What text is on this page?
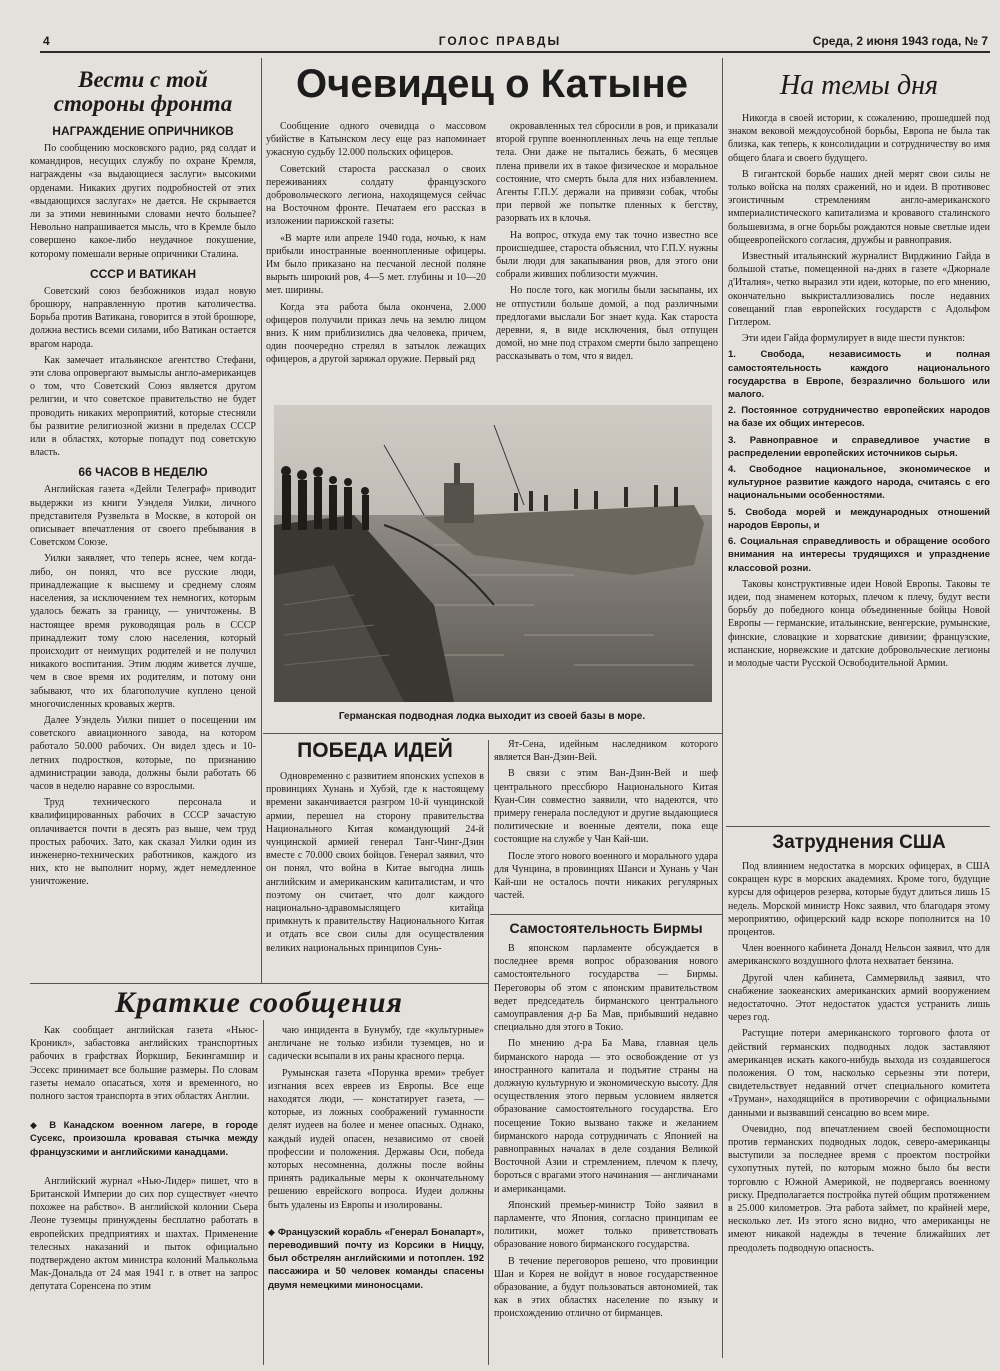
4	ГОЛОС ПРАВДЫ	Среда, 2 июня 1943 года, № 7
Вести с той стороны фронта
НАГРАЖДЕНИЕ ОПРИЧНИКОВ

По сообщению московского радио, ряд солдат и командиров, несущих службу по охране Кремля, награждены «за выдающиеся заслуги» высокими орденами. Никаких других подробностей от этих «выдающихся заслугах» не дается. Не скрывается ли за этими невинными словами нечто большее? Невольно напрашивается мысль, что в Кремле было совершено какое-либо неудачное покушение, которому помешали верные опричники Сталина.

СССР И ВАТИКАН

Советский союз безбожников издал новую брошюру, направленную против католичества. Борьба против Ватикана, говорится в этой брошюре, должна вестись всеми силами, ибо Ватикан остается врагом народа.

Как замечает итальянское агентство Стефани, эти слова опровергают вымыслы англо-американцев о том, что Советский Союз является другом религии, и что советское правительство не будет проводить никаких мероприятий, которые стесняли бы развитие религиозной жизни в пределах СССР или в областях, которые попадут под советскую власть.

66 ЧАСОВ В НЕДЕЛЮ

Английская газета «Дейли Телеграф» приводит выдержки из книги Уэнделя Уилки, личного представителя Рузвельта в Москве, в которой он описывает впечатления от своего пребывания в Советском Союзе.

Уилки заявляет, что теперь яснее, чем когда-либо, он понял, что все русские люди, принадлежащие к высшему и среднему слоям населения, за исключением тех немногих, которым удалось бежать за границу, — уничтожены. В настоящее время руководящая роль в СССР принадлежит тому слою населения, который происходит от неимущих родителей и не получил никакого воспитания. Этим людям живется лучше, чем в свое время их родителям, и потому они забывают, что их благополучие куплено ценой многочисленных кровавых жертв.

Далее Уэндель Уилки пишет о посещении им советского авиационного завода, на котором работало 50.000 рабочих. Он видел здесь и 10-летних подростков, которые, по признанию администрации завода, должны были работать 66 часов в неделю наравне со взрослыми.

Труд технического персонала и квалифицированных рабочих в СССР зачастую оплачивается почти в десять раз выше, чем труд простых рабочих. Зато, как сказал Уилки один из инженерно-технических работников, каждого из них, кто не выполнит норму, ждет немедленное уничтожение.

Очевидец о Катыне

Сообщение одного очевидца о массовом убийстве в Катынском лесу еще раз напоминает ужасную судьбу 12.000 польских офицеров.

Советский староста рассказал о своих переживаниях солдату французского добровольческого легиона, находящемуся сейчас на Восточном фронте. Печатаем его рассказ в изложении парижской газеты:

«В марте или апреле 1940 года, ночью, к нам прибыли иностранные военнопленные офицеры. Им было приказано на песчаной лесной поляне вырыть широкий ров, 4—5 мет. глубины и 10—20 мет. ширины.

Когда эта работа была окончена, 2.000 офицеров получили приказ лечь на землю лицом вниз. К ним приблизились два человека, причем, один поочередно стрелял в затылок лежащих офицеров, а другой заряжал оружие. Первый ряд

окровавленных тел сбросили в ров, и приказали второй группе военнопленных лечь на еще теплые тела. Они даже не пытались бежать, 6 месяцев плена привели их в такое физическое и моральное состояние, что смерть была для них избавлением. Агенты Г.П.У. держали на привязи собак, чтобы при первой же попытке пленных к бегству, разорвать их в клочья.

На вопрос, откуда ему так точно известно все происшедшее, староста объяснил, что Г.П.У. нужны были люди для закапывания рвов, для этого они собрали живших поблизости мужчин.

Но после того, как могилы были засыпаны, их не отпустили больше домой, а под различными предлогами выслали Бог знает куда. Как староста деревни, я, в виде исключения, был отпущен домой, но мне под страхом смерти было запрещено рассказывать о том, что я видел.

Германская подводная лодка выходит из своей базы в море.
ПОБЕДА ИДЕЙ

Одновременно с развитием японских успехов в провинциях Хунань и Хубэй, где к настоящему времени заканчивается разгром 10-й чунцинской армии, перешел на сторону правительства Национального Китая командующий 24-й чунцинской армией генерал Танг-Чинг-Дзин вместе с 70.000 своих бойцов. Генерал заявил, что он понял, что война в Китае выгодна лишь английским и американским капиталистам, и что поэтому он считает, что долг каждого национально-здравомыслящего китайца примкнуть к правительству Национального Китая и отдать все свои силы для осуществления великих национальных принципов Сунь-

Ят-Сена, идейным наследником которого является Ван-Дзин-Вей.

В связи с этим Ван-Дзин-Вей и шеф центрального прессбюро Национального Китая Куан-Син совместно заявили, что надеются, что примеру генерала последуют и другие выдающиеся политические и военные деятели, пока еще состоящие на службе у Чан Кай-ши.

После этого нового военного и морального удара для Чунцина, в провинциях Шанси и Хунань у Чан Кай-ши не осталось почти никаких регулярных частей.

Самостоятельность Бирмы

В японском парламенте обсуждается в последнее время вопрос образования нового самостоятельного государства — Бирмы. Переговоры об этом с японским правительством ведет председатель бирманского центрального самоуправления д-р Ба Мав, прибывший недавно специально для этого в Токио.

По мнению д-ра Ба Мава, главная цель бирманского народа — это освобождение от уз иностранного капитала и подъятие страны на должную культурную и экономическую высоту. Для осуществления этого первым условием является образование самостоятельного государства. Его посещение Токио вызвано также и желанием бирманского народа сотрудничать с Японией на равноправных началах в деле создания Великой Восточной Азии и стремлением, плечом к плечу, бороться с врагами этого начинания — англичанами и американцами.

Японский премьер-министр Тойо заявил в парламенте, что Япония, согласно принципам ее политики, может только приветствовать образование нового бирманского государства.

В течение переговоров решено, что провинции Шан и Корея не войдут в новое государственное образование, а будут пользоваться автономией, так как в этих областях население по языку и происхождению отлично от бирманцев.

На темы дня

Никогда в своей истории, к сожалению, прошедшей под знаком вековой междоусобной борьбы, Европа не была так близка, как теперь, к консолидации и сотрудничеству во имя общего блага и своего будущего.

В гигантской борьбе наших дней мерят свои силы не только войска на полях сражений, но и идеи. В противовес эгоистичным стремлениям англо-американского империалистического капитализма и кровавого сталинского большевизма, в огне борьбы рождаются новые светлые идеи общеевропейского согласия, дружбы и равноправия.

Известный итальянский журналист Вирджинио Гайда в большой статье, помещенной на-днях в газете «Джорнале д'Италия», четко выразил эти идеи, которые, по его мнению, окончательно выкристаллизовались после недавних совещаний глав европейских государств с Адольфом Гитлером.

Эти идеи Гайда формулирует в виде шести пунктов:

1. Свобода, независимость и полная самостоятельность каждого национального государства в Европе, безразлично большого или малого.

2. Постоянное сотрудничество европейских народов на базе их общих интересов.

3. Равноправное и справедливое участие в распределении европейских источников сырья.

4. Свободное национальное, экономическое и культурное развитие каждого народа, считаясь с его национальными особенностями.

5. Свобода морей и международных отношений народов Европы, и

6. Социальная справедливость и обращение особого внимания на интересы трудящихся и упразднение классовой розни.

Таковы конструктивные идеи Новой Европы. Таковы те идеи, под знаменем которых, плечом к плечу, будут вести борьбу до победного конца объединенные бойцы Новой Европы — германские, итальянские, венгерские, румынские, финские, словацкие и хорватские дивизии; французские, испанские, норвежские и датские добровольческие легионы и молодые части Русской Освободительной Армии.

Затруднения США

Под влиянием недостатка в морских офицерах, в США сокращен курс в морских академиях. Кроме того, будущие курсы для офицеров резерва, которые будут длиться лишь 15 недель. Морской министр Нокс заявил, что благодаря этому мероприятию, офицерский кадр вскоре пополнится на 10 процентов.

Член военного кабинета Доналд Нельсон заявил, что для американского воздушного флота нехватает бензина.

Другой член кабинета, Саммервильд заявил, что снабжение заокеанских американских армий вооружением недостаточно. Этот недостаток удастся устранить лишь через год.

Растущие потери американского торгового флота от действий германских подводных лодок заставляют американцев искать какого-нибудь выхода из создавшегося положения. О том, насколько серьезны эти потери, свидетельствует недавний отчет специального комитета «Труман», находящийся в противоречии с официальными данными и вызвавший сенсацию во всем мире.

Очевидно, под впечатлением своей беспомощности против германских подводных лодок, северо-американцы выступили за последнее время с проектом постройки сухопутных путей, по которым можно было бы вести торговлю с Южной Америкой, не подвергаясь военному риску. Предполагается постройка путей общим протяжением в 25.000 километров. Эта работа займет, по крайней мере, несколько лет. Из этого ясно видно, что американцы не имеют никакой надежды в течение ближайших лет преодолеть подводную опасность.

Краткие сообщения

Как сообщает английская газета «Ньюс-Кроникл», забастовка английских транспортных рабочих в графствах Йоркшир, Бекингамшир и Эссекс принимает все большие размеры. По словам газеты немало опасаться, хотя и временного, но полного застоя транспорта в этих областях Англии.

◆ В Канадском военном лагере, в городе Сусекс, произошла кровавая стычка между французскими и английскими канадцами.

Английский журнал «Нью-Лидер» пишет, что в Британской Империи до сих пор существует «нечто похожее на рабство». В английской колонии Сьера Леоне туземцы принуждены бесплатно работать в европейских предприятиях и шахтах. Применение телесных наказаний и пыток официально подтверждено актом министра колоний Малькольма Мак-Дональда от 24 мая 1941 г. в ответ на запрос депутата Соренсена по этим

чаю инцидента в Бунумбу, где «культурные» англичане не только избили туземцев, но и садически всыпали в их раны красного перца.

Румынская газета «Порунка времи» требует изгнания всех евреев из Европы. Все еще находятся люди, — констатирует газета, — которые, из ложных соображений гуманности делят иудеев на более и менее опасных. Однако, каждый иудей опасен, независимо от своей профессии и положения. Державы Оси, победа которых несомненна, должны после войны принять радикальные меры к окончательному решению еврейского вопроса. Иудеи должны быть удалены из Европы и изолированы.

◆ Французский корабль «Генерал Бонапарт», переводивший почту из Корсики в Ниццу, был обстрелян английскими и потоплен. 192 пассажира и 50 человек команды спасены двумя немецкими миноносцами.
